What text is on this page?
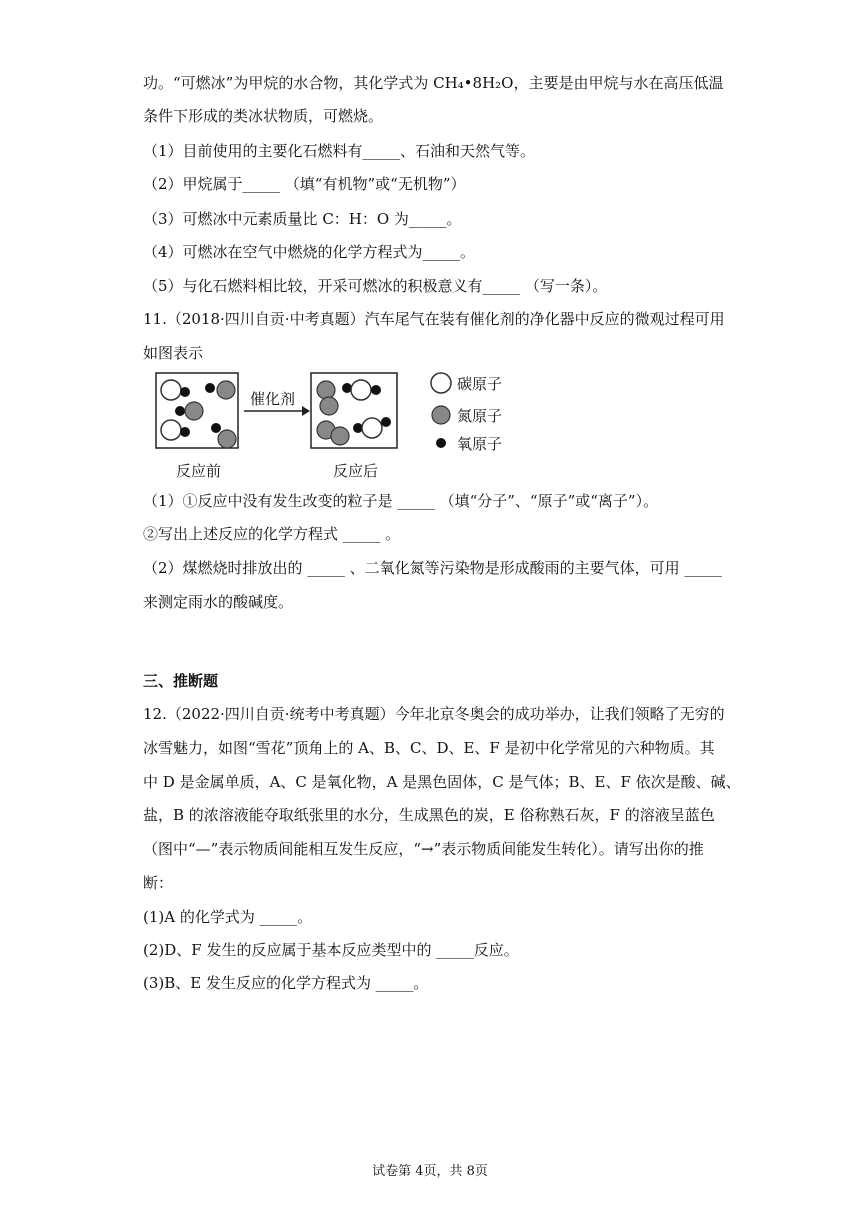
功。“可燃冰”为甲烷的水合物，其化学式为 CH₄•8H₂O，主要是由甲烷与水在高压低温
条件下形成的类冰状物质，可燃烧。
（1）目前使用的主要化石燃料有_____、石油和天然气等。
（2）甲烷属于_____ （填“有机物”或“无机物”）
（3）可燃冰中元素质量比 C：H：O 为_____。
（4）可燃冰在空气中燃烧的化学方程式为_____。
（5）与化石燃料相比较，开采可燃冰的积极意义有_____ （写一条）。
11.（2018·四川自贡·中考真题）汽车尾气在装有催化剂的净化器中反应的微观过程可用
如图表示
催化剂
反应前	反应后
碳原子
氮原子
氧原子
（1）①反应中没有发生改变的粒子是 _____ （填“分子”、“原子”或“离子”）。
②写出上述反应的化学方程式 _____ 。
（2）煤燃烧时排放出的 _____ 、二氧化氮等污染物是形成酸雨的主要气体，可用 _____
来测定雨水的酸碱度。
三、推断题
12.（2022·四川自贡·统考中考真题）今年北京冬奥会的成功举办，让我们领略了无穷的
冰雪魅力，如图“雪花”顶角上的 A、B、C、D、E、F 是初中化学常见的六种物质。其
中 D 是金属单质，A、C 是氧化物，A 是黑色固体，C 是气体；B、E、F 依次是酸、碱、
盐，B 的浓溶液能夺取纸张里的水分，生成黑色的炭，E 俗称熟石灰，F 的溶液呈蓝色
（图中“—”表示物质间能相互发生反应，“→”表示物质间能发生转化）。请写出你的推
断：
(1)A 的化学式为 _____。
(2)D、F 发生的反应属于基本反应类型中的 _____反应。
(3)B、E 发生反应的化学方程式为 _____。
试卷第 4页，共 8页
